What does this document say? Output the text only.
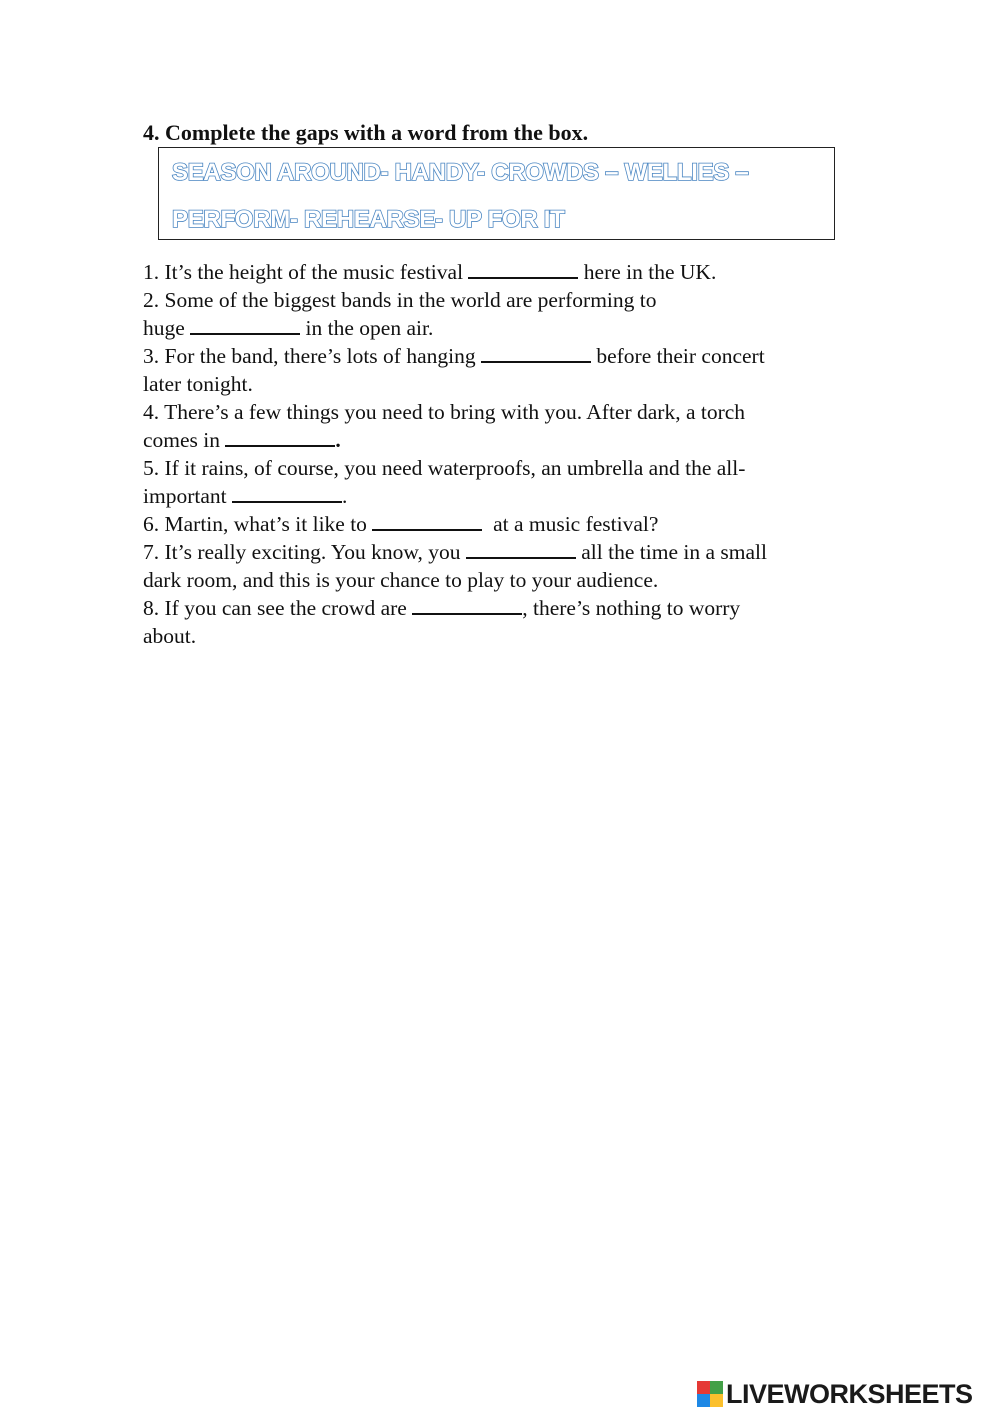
4. Complete the gaps with a word from the box.
SEASON AROUND- HANDY- CROWDS – WELLIES –
PERFORM- REHEARSE- UP FOR IT
1. It’s the height of the music festival	here in the UK.
2. Some of the biggest bands in the world are performing to
huge	in the open air.
3. For the band, there’s lots of hanging	before their concert
later tonight.
4. There’s a few things you need to bring with you. After dark, a torch
comes in	.
5. If it rains, of course, you need waterproofs, an umbrella and the all-
important	.
6. Martin, what’s it like to	at a music festival?
7. It’s really exciting. You know, you	all the time in a small
dark room, and this is your chance to play to your audience.
8. If you can see the crowd are	, there’s nothing to worry
about.
LIVEWORKSHEETS
